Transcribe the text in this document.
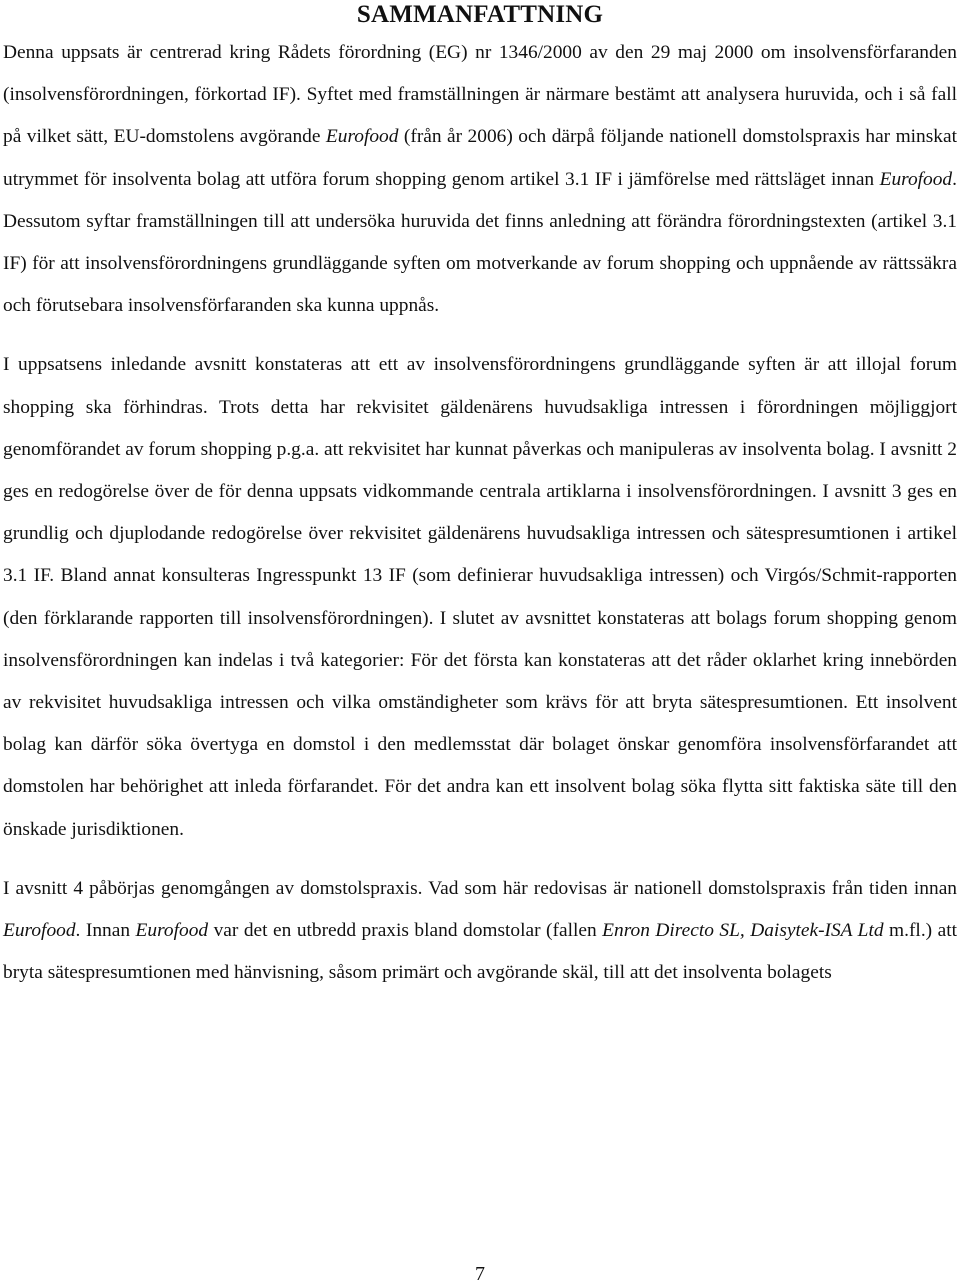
SAMMANFATTNING

Denna uppsats är centrerad kring Rådets förordning (EG) nr 1346/2000 av den 29 maj 2000 om insolvensförfaranden (insolvensförordningen, förkortad IF). Syftet med framställningen är närmare bestämt att analysera huruvida, och i så fall på vilket sätt, EU-domstolens avgörande Eurofood (från år 2006) och därpå följande nationell domstolspraxis har minskat utrymmet för insolventa bolag att utföra forum shopping genom artikel 3.1 IF i jämförelse med rättsläget innan Eurofood. Dessutom syftar framställningen till att undersöka huruvida det finns anledning att förändra förordningstexten (artikel 3.1 IF) för att insolvensförordningens grundläggande syften om motverkande av forum shopping och uppnående av rättssäkra och förutsebara insolvensförfaranden ska kunna uppnås.

I uppsatsens inledande avsnitt konstateras att ett av insolvensförordningens grundläggande syften är att illojal forum shopping ska förhindras. Trots detta har rekvisitet gäldenärens huvudsakliga intressen i förordningen möjliggjort genomförandet av forum shopping p.g.a. att rekvisitet har kunnat påverkas och manipuleras av insolventa bolag. I avsnitt 2 ges en redogörelse över de för denna uppsats vidkommande centrala artiklarna i insolvensförordningen. I avsnitt 3 ges en grundlig och djuplodande redogörelse över rekvisitet gäldenärens huvudsakliga intressen och sätespresumtionen i artikel 3.1 IF. Bland annat konsulteras Ingresspunkt 13 IF (som definierar huvudsakliga intressen) och Virgós/Schmit-rapporten (den förklarande rapporten till insolvensförordningen). I slutet av avsnittet konstateras att bolags forum shopping genom insolvensförordningen kan indelas i två kategorier: För det första kan konstateras att det råder oklarhet kring innebörden av rekvisitet huvudsakliga intressen och vilka omständigheter som krävs för att bryta sätespresumtionen. Ett insolvent bolag kan därför söka övertyga en domstol i den medlemsstat där bolaget önskar genomföra insolvensförfarandet att domstolen har behörighet att inleda förfarandet. För det andra kan ett insolvent bolag söka flytta sitt faktiska säte till den önskade jurisdiktionen.

I avsnitt 4 påbörjas genomgången av domstolspraxis. Vad som här redovisas är nationell domstolspraxis från tiden innan Eurofood. Innan Eurofood var det en utbredd praxis bland domstolar (fallen Enron Directo SL, Daisytek-ISA Ltd m.fl.) att bryta sätespresumtionen med hänvisning, såsom primärt och avgörande skäl, till att det insolventa bolagets

7
